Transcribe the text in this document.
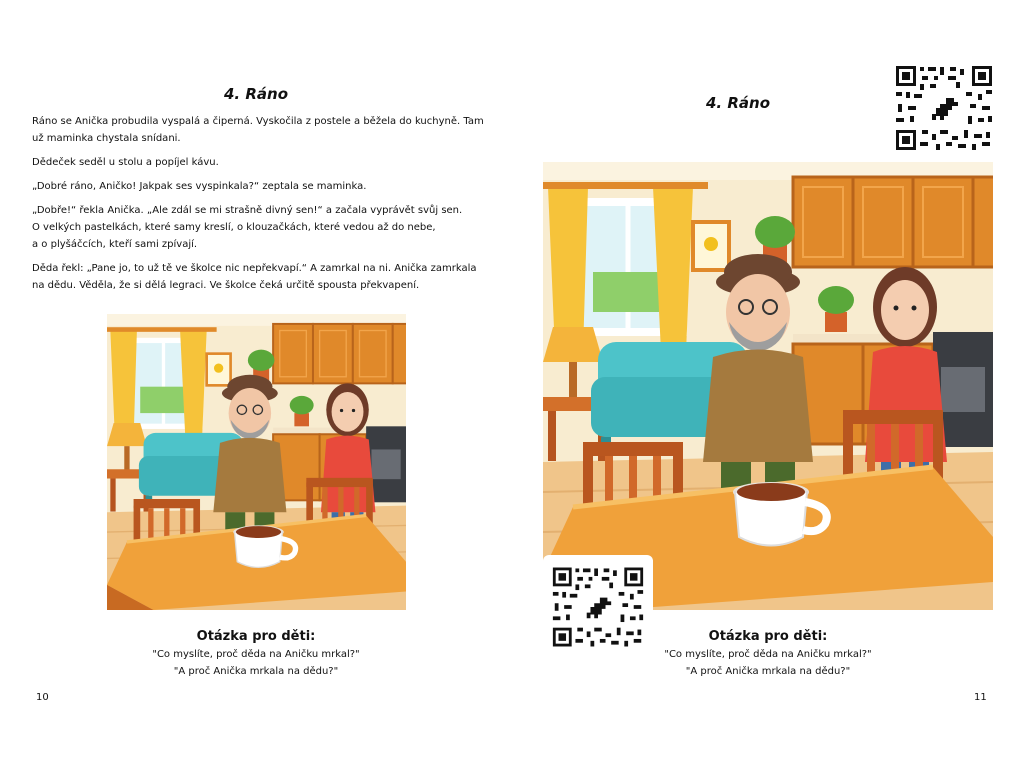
4. Ráno

Ráno se Anička probudila vyspalá a čiperná. Vyskočila z postele a běžela do kuchyně. Tam už maminka chystala snídani.

Dědeček seděl u stolu a popíjel kávu.

„Dobré ráno, Aničko! Jakpak ses vyspinkala?“ zeptala se maminka.

„Dobře!“ řekla Anička. „Ale zdál se mi strašně divný sen!“ a začala vyprávět svůj sen.

O velkých pastelkách, které samy kreslí, o klouzačkách, které vedou až do nebe,

a o plyšáčcích, kteří sami zpívají.

Děda řekl: „Pane jo, to už tě ve školce nic nepřekvapí.“ A zamrkal na ni. Anička zamrkala na dědu. Věděla, že si dělá legraci. Ve školce čeká určitě spousta překvapení.

Otázka pro děti:
"Co myslíte, proč děda na Aničku mrkal?"
"A proč Anička mrkala na dědu?"
10
4. Ráno
Otázka pro děti:
"Co myslíte, proč děda na Aničku mrkal?"
"A proč Anička mrkala na dědu?"
11
